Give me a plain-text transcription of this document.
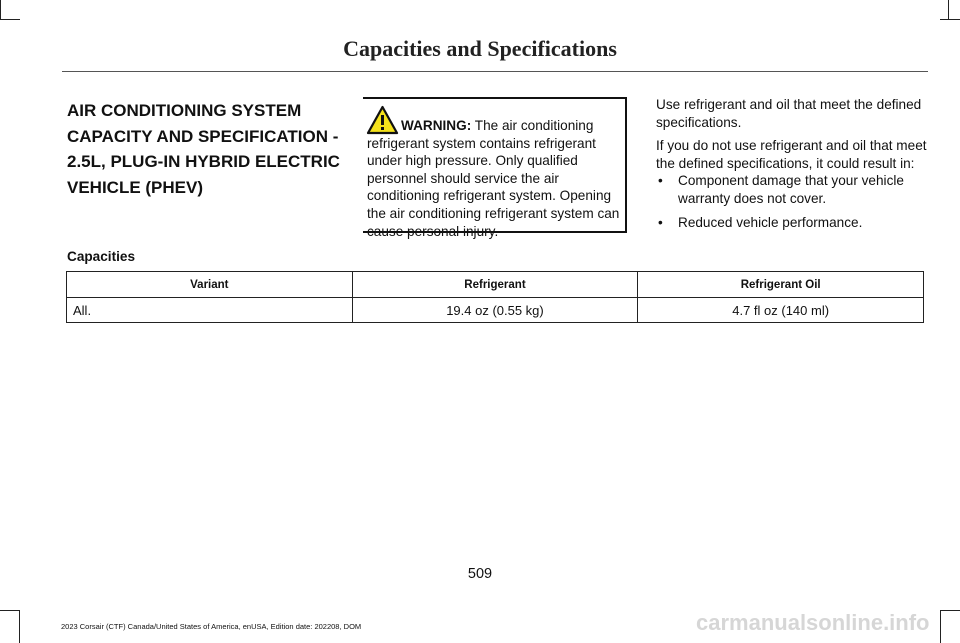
Capacities and Specifications
AIR CONDITIONING SYSTEM CAPACITY AND SPECIFICATION - 2.5L, PLUG-IN HYBRID ELECTRIC VEHICLE (PHEV)
WARNING: The air conditioning refrigerant system contains refrigerant under high pressure. Only qualified personnel should service the air conditioning refrigerant system. Opening the air conditioning refrigerant system can cause personal injury.

Use refrigerant and oil that meet the defined specifications.

If you do not use refrigerant and oil that meet the defined specifications, it could result in:

• Component damage that your vehicle warranty does not cover.
• Reduced vehicle performance.
Capacities
Variant	Refrigerant	Refrigerant Oil
All.	19.4 oz (0.55 kg)	4.7 fl oz (140 ml)
509
2023 Corsair (CTF) Canada/United States of America, enUSA, Edition date: 202208, DOM	carmanualsonline.info
